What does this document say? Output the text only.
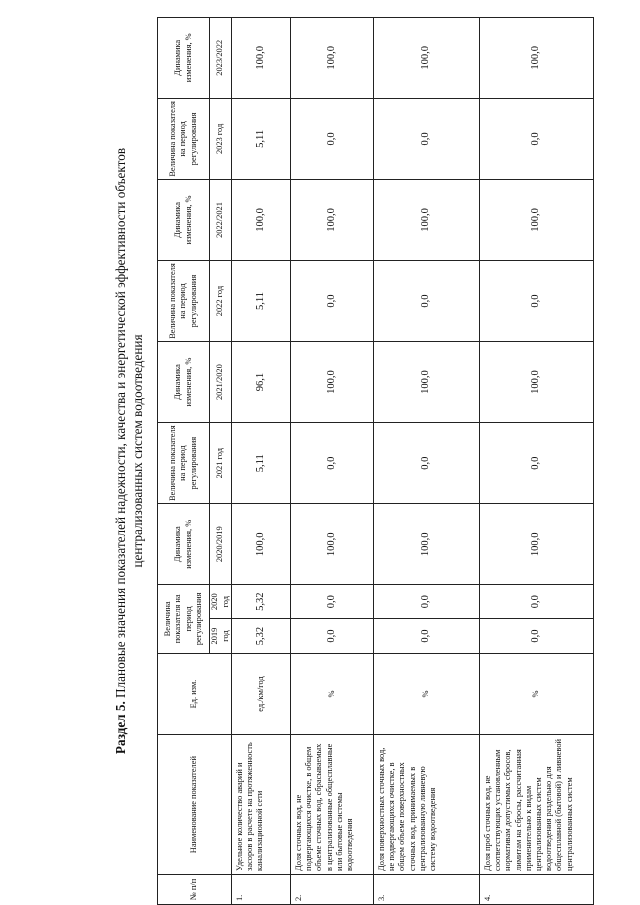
Раздел 5. Плановые значения показателей надежности, качества и энергетической эффективности объектов централизованных систем водоотведения
№ п/п	Наименование показателей	Ед. изм.	Величина показателя на период регулирования		Динамика изменения, %	Величина показателя на период регулирования	Динамика изменения, %	Величина показателя на период регулирования	Динамика изменения, %	Величина показателя на период регулирования	Динамика изменения, %
			2019 год	2020 год	2020/2019	2021 год	2021/2020	2022 год	2022/2021	2023 год	2023/2022
1.	Удельное количество аварий и засоров в расчете на протяженность канализационной сети	ед./км/год	5,32	5,32	100,0	5,11	96,1	5,11	100,0	5,11	100,0
2.	Доля сточных вод, не подвергающихся очистке, в общем объеме сточных вод, сбрасываемых в централизованные общесплавные или бытовые системы водоотведения	%	0,0	0,0	100,0	0,0	100,0	0,0	100,0	0,0	100,0
3.	Доля поверхностных сточных вод, не подвергающихся очистке, в общем объеме поверхностных сточных вод, принимаемых в централизованную ливневую систему водоотведения	%	0,0	0,0	100,0	0,0	100,0	0,0	100,0	0,0	100,0
4.	Доля проб сточных вод, не соответствующих установленным нормативам допустимых сбросов, лимитам на сбросы, рассчитанная применительно к видам централизованных систем водоотведения раздельно для общесплавной (бытовой) и ливневой централизованных систем	%	0,0	0,0	100,0	0,0	100,0	0,0	100,0	0,0	100,0
